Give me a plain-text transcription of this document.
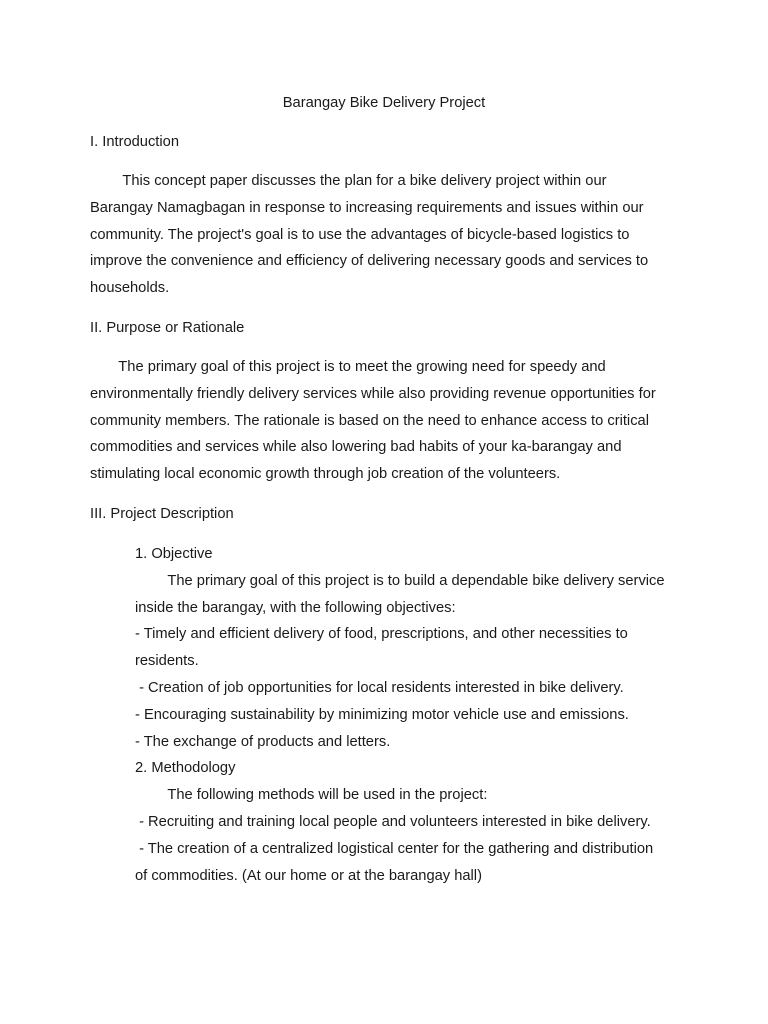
Barangay Bike Delivery Project
I. Introduction
This concept paper discusses the plan for a bike delivery project within our
Barangay Namagbagan in response to increasing requirements and issues within our
community. The project's goal is to use the advantages of bicycle-based logistics to
improve the convenience and efficiency of delivering necessary goods and services to
households.
II. Purpose or Rationale
The primary goal of this project is to meet the growing need for speedy and
environmentally friendly delivery services while also providing revenue opportunities for
community members. The rationale is based on the need to enhance access to critical
commodities and services while also lowering bad habits of your ka-barangay and
stimulating local economic growth through job creation of the volunteers.
III. Project Description
1. Objective
The primary goal of this project is to build a dependable bike delivery service
inside the barangay, with the following objectives:
- Timely and efficient delivery of food, prescriptions, and other necessities to
residents.
- Creation of job opportunities for local residents interested in bike delivery.
- Encouraging sustainability by minimizing motor vehicle use and emissions.
- The exchange of products and letters.
2. Methodology
The following methods will be used in the project:
- Recruiting and training local people and volunteers interested in bike delivery.
- The creation of a centralized logistical center for the gathering and distribution
of commodities. (At our home or at the barangay hall)
